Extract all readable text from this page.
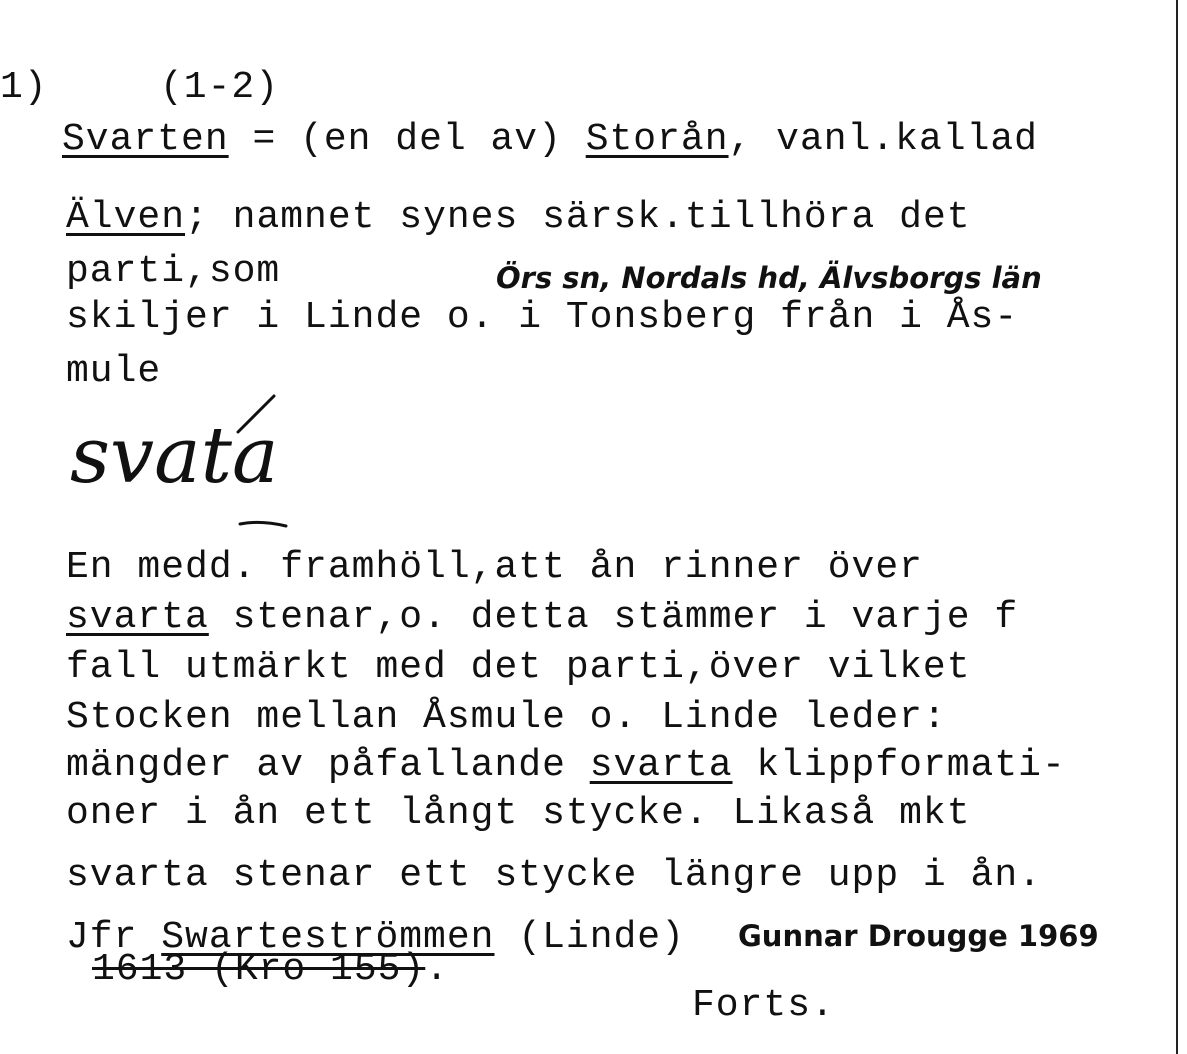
1)	(1-2)
Svarten = (en del av) Storån, vanl.kallad
Älven; namnet synes särsk.tillhöra det
parti,som	Örs sn, Nordals hd, Älvsborgs län
skiljer i Linde o. i Tonsberg från i Ås-
mule
svata
En medd. framhöll,att ån rinner över
svarta stenar,o. detta stämmer i varje f
fall utmärkt med det parti,över vilket
Stocken mellan Åsmule o. Linde leder:
mängder av påfallande svarta klippformati-
oner i ån ett långt stycke. Likaså mkt
svarta stenar ett stycke längre upp i ån.
Jfr Swarteströmmen (Linde) Gunnar Drougge 1969
1613 (Kro 155).
Forts.
